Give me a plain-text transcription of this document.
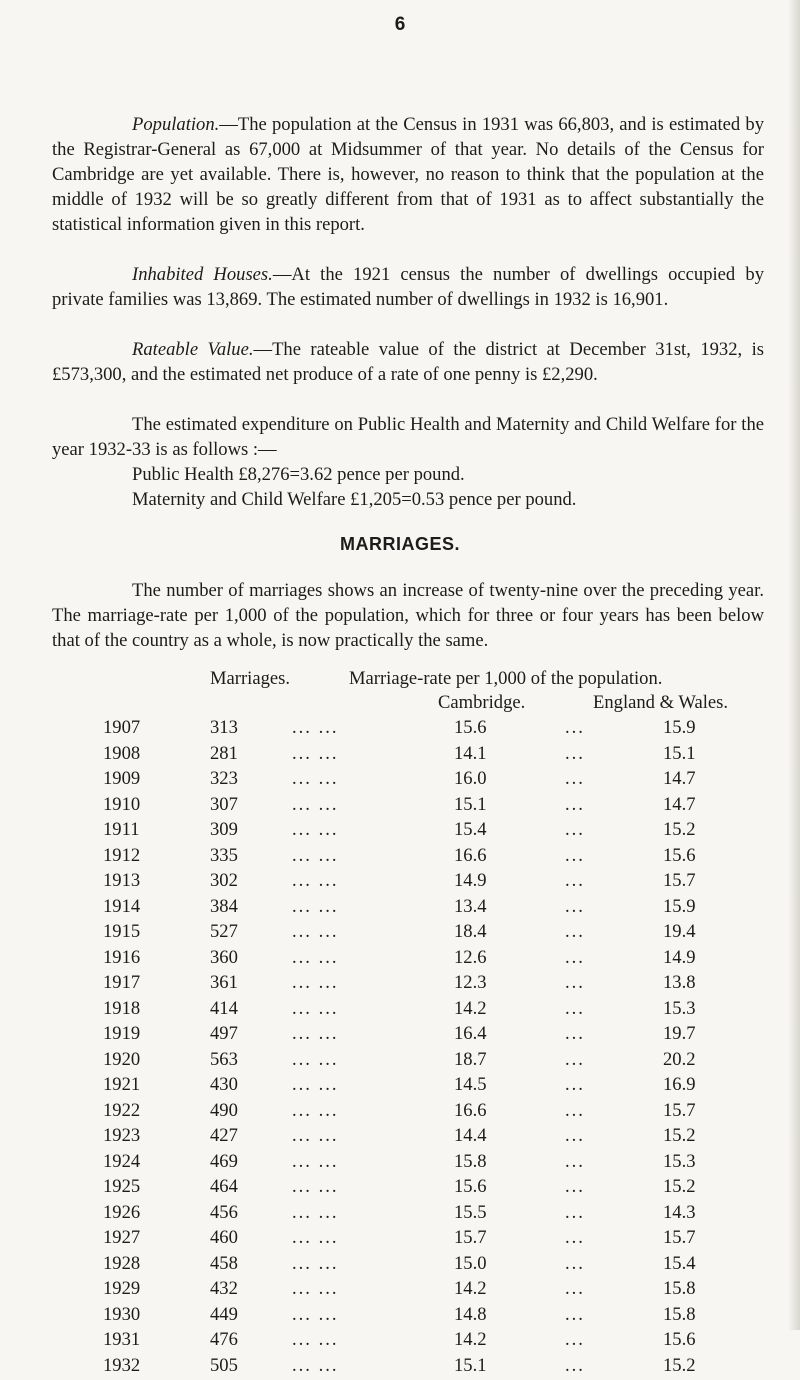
6

Population.—The population at the Census in 1931 was 66,803, and is estimated by the Registrar-General as 67,000 at Midsummer of that year. No details of the Census for Cambridge are yet available. There is, however, no reason to think that the population at the middle of 1932 will be so greatly different from that of 1931 as to affect substantially the statistical information given in this report.

Inhabited Houses.—At the 1921 census the number of dwellings occupied by private families was 13,869. The estimated number of dwellings in 1932 is 16,901.

Rateable Value.—The rateable value of the district at December 31st, 1932, is £573,300, and the estimated net produce of a rate of one penny is £2,290.

The estimated expenditure on Public Health and Maternity and Child Welfare for the year 1932-33 is as follows :—

Public Health £8,276=3.62 pence per pound.

Maternity and Child Welfare £1,205=0.53 pence per pound.

MARRIAGES.

The number of marriages shows an increase of twenty-nine over the preceding year. The marriage-rate per 1,000 of the population, which for three or four years has been below that of the country as a whole, is now practically the same.

Marriages.	Marriage-rate per 1,000 of the population.
Cambridge.	England & Wales.
1907	313	... ...	15.6	...	15.9
1908	281	... ...	14.1	...	15.1
1909	323	... ...	16.0	...	14.7
1910	307	... ...	15.1	...	14.7
1911	309	... ...	15.4	...	15.2
1912	335	... ...	16.6	...	15.6
1913	302	... ...	14.9	...	15.7
1914	384	... ...	13.4	...	15.9
1915	527	... ...	18.4	...	19.4
1916	360	... ...	12.6	...	14.9
1917	361	... ...	12.3	...	13.8
1918	414	... ...	14.2	...	15.3
1919	497	... ...	16.4	...	19.7
1920	563	... ...	18.7	...	20.2
1921	430	... ...	14.5	...	16.9
1922	490	... ...	16.6	...	15.7
1923	427	... ...	14.4	...	15.2
1924	469	... ...	15.8	...	15.3
1925	464	... ...	15.6	...	15.2
1926	456	... ...	15.5	...	14.3
1927	460	... ...	15.7	...	15.7
1928	458	... ...	15.0	...	15.4
1929	432	... ...	14.2	...	15.8
1930	449	... ...	14.8	...	15.8
1931	476	... ...	14.2	...	15.6
1932	505	... ...	15.1	...	15.2
